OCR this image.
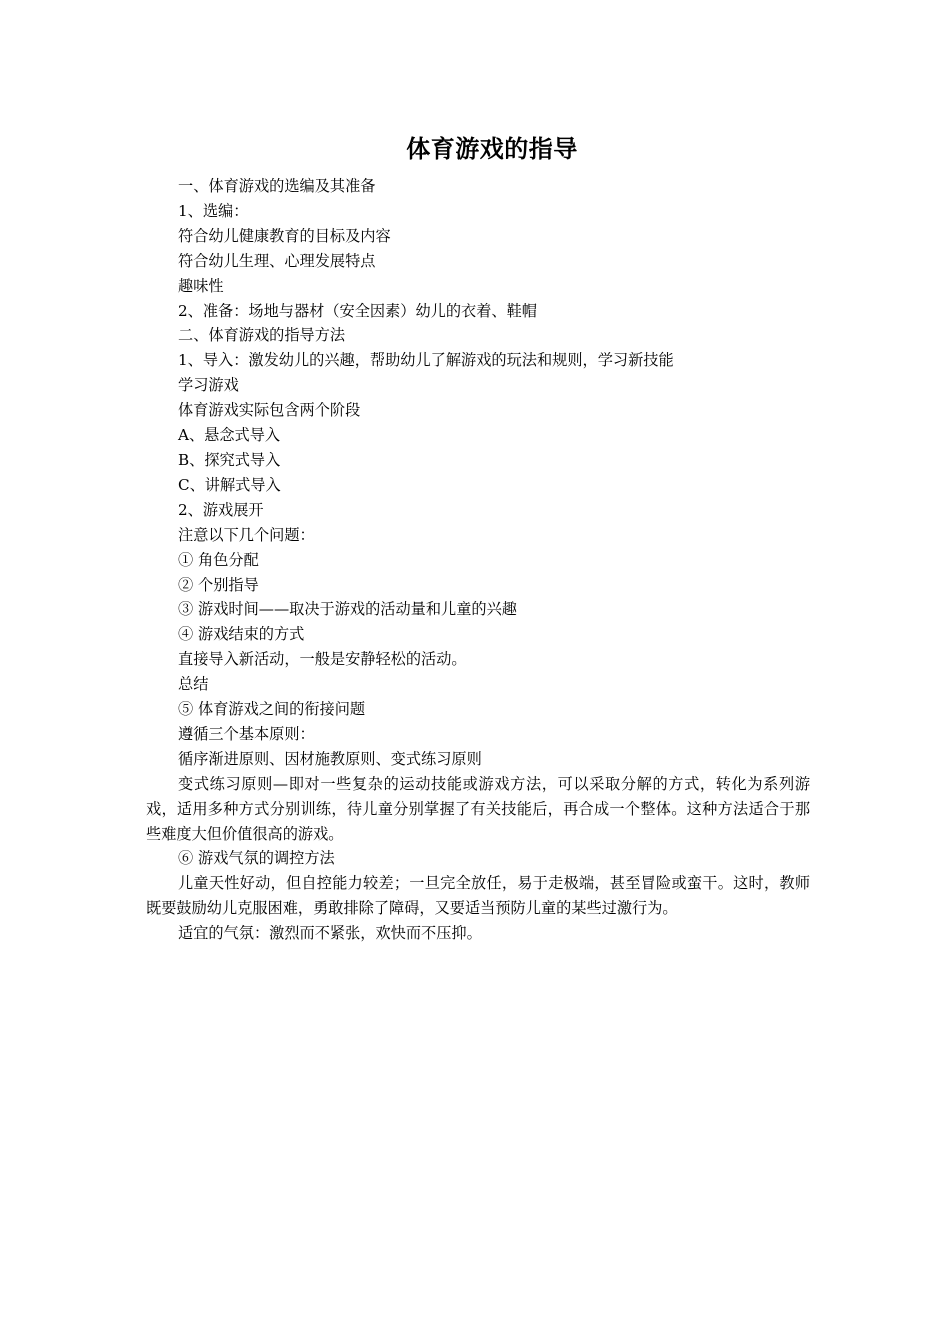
体育游戏的指导
一、体育游戏的选编及其准备
1、选编：
符合幼儿健康教育的目标及内容
符合幼儿生理、心理发展特点
趣味性
2、准备：场地与器材（安全因素）幼儿的衣着、鞋帽
二、体育游戏的指导方法
1、导入：激发幼儿的兴趣，帮助幼儿了解游戏的玩法和规则，学习新技能
学习游戏
体育游戏实际包含两个阶段
A、悬念式导入
B、探究式导入
C、讲解式导入
2、游戏展开
注意以下几个问题：
① 角色分配
② 个别指导
③ 游戏时间——取决于游戏的活动量和儿童的兴趣
④ 游戏结束的方式
直接导入新活动，一般是安静轻松的活动。
总结
⑤ 体育游戏之间的衔接问题
遵循三个基本原则：
循序渐进原则、因材施教原则、变式练习原则
变式练习原则—即对一些复杂的运动技能或游戏方法，可以采取分解的方式，转化为系列游戏，适用多种方式分别训练，待儿童分别掌握了有关技能后，再合成一个整体。这种方法适合于那些难度大但价值很高的游戏。
⑥ 游戏气氛的调控方法
儿童天性好动，但自控能力较差；一旦完全放任，易于走极端，甚至冒险或蛮干。这时，教师既要鼓励幼儿克服困难，勇敢排除了障碍，又要适当预防儿童的某些过激行为。
适宜的气氛：激烈而不紧张，欢快而不压抑。
